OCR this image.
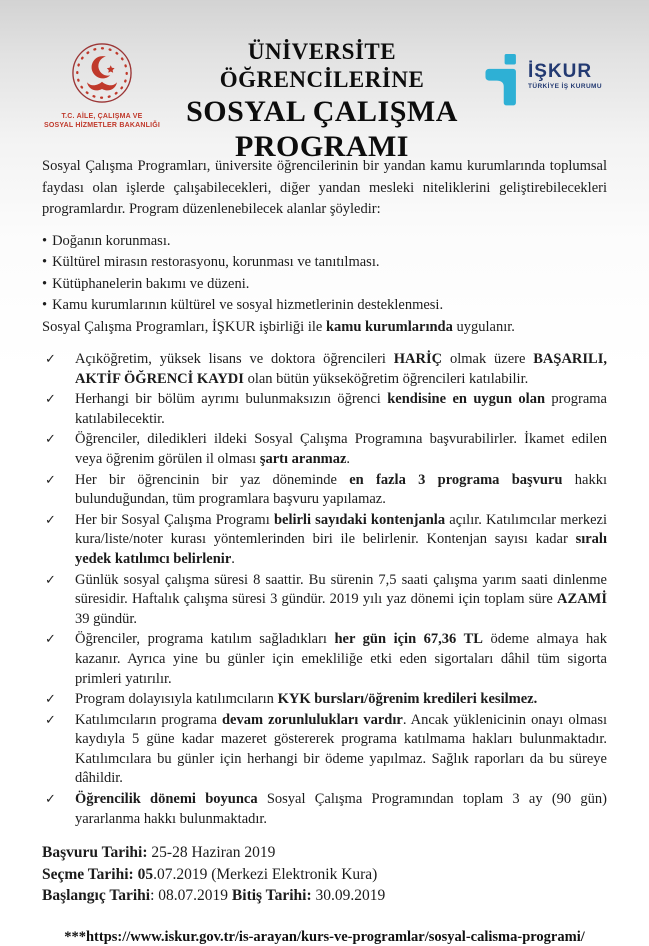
T.C. AİLE, ÇALIŞMA VE
SOSYAL HİZMETLER BAKANLIĞI
ÜNİVERSİTE ÖĞRENCİLERİNE
SOSYAL ÇALIŞMA
PROGRAMI
İŞKUR
TÜRKİYE İŞ KURUMU

Sosyal Çalışma Programları, üniversite öğrencilerinin bir yandan kamu kurumlarında toplumsal faydası olan işlerde çalışabilecekleri, diğer yandan mesleki niteliklerini geliştirebilecekleri programlardır. Program düzenlenebilecek alanlar şöyledir:

• Doğanın korunması.
• Kültürel mirasın restorasyonu, korunması ve tanıtılması.
• Kütüphanelerin bakımı ve düzeni.
• Kamu kurumlarının kültürel ve sosyal hizmetlerinin desteklenmesi.
Sosyal Çalışma Programları, İŞKUR işbirliği ile kamu kurumlarında uygulanır.
✓ Açıköğretim, yüksek lisans ve doktora öğrencileri HARİÇ olmak üzere BAŞARILI, AKTİF ÖĞRENCİ KAYDI olan bütün yükseköğretim öğrencileri katılabilir.
✓ Herhangi bir bölüm ayrımı bulunmaksızın öğrenci kendisine en uygun olan programa katılabilecektir.
✓ Öğrenciler, diledikleri ildeki Sosyal Çalışma Programına başvurabilirler. İkamet edilen veya öğrenim görülen il olması şartı aranmaz.
✓ Her bir öğrencinin bir yaz döneminde en fazla 3 programa başvuru hakkı bulunduğundan, tüm programlara başvuru yapılamaz.
✓ Her bir Sosyal Çalışma Programı belirli sayıdaki kontenjanla açılır. Katılımcılar merkezi kura/liste/noter kurası yöntemlerinden biri ile belirlenir. Kontenjan sayısı kadar sıralı yedek katılımcı belirlenir.
✓ Günlük sosyal çalışma süresi 8 saattir. Bu sürenin 7,5 saati çalışma yarım saati dinlenme süresidir. Haftalık çalışma süresi 3 gündür. 2019 yılı yaz dönemi için toplam süre AZAMİ 39 gündür.
✓ Öğrenciler, programa katılım sağladıkları her gün için 67,36 TL ödeme almaya hak kazanır. Ayrıca yine bu günler için emekliliğe etki eden sigortaları dâhil tüm sigorta primleri yatırılır.
✓ Program dolayısıyla katılımcıların KYK bursları/öğrenim kredileri kesilmez.
✓ Katılımcıların programa devam zorunlulukları vardır. Ancak yüklenicinin onayı olması kaydıyla 5 güne kadar mazeret göstererek programa katılmama hakları bulunmaktadır. Katılımcılara bu günler için herhangi bir ödeme yapılmaz. Sağlık raporları da bu süreye dâhildir.
✓ Öğrencilik dönemi boyunca Sosyal Çalışma Programından toplam 3 ay (90 gün) yararlanma hakkı bulunmaktadır.
Başvuru Tarihi: 25-28 Haziran 2019
Seçme Tarihi: 05.07.2019 (Merkezi Elektronik Kura)
Başlangıç Tarihi: 08.07.2019 Bitiş Tarihi: 30.09.2019
***https://www.iskur.gov.tr/is-arayan/kurs-ve-programlar/sosyal-calisma-programi/
